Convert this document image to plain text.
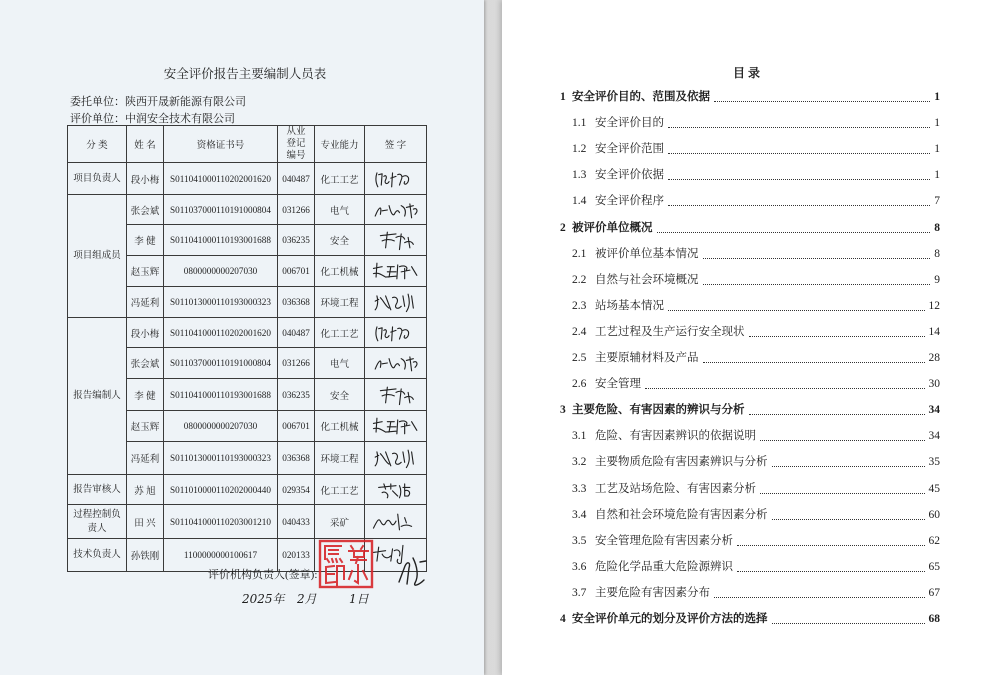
安全评价报告主要编制人员表
委托单位：陕西开晟新能源有限公司
评价单位：中润安全技术有限公司
分 类	姓 名	资格证书号	从业登记编号	专业能力	签 字

项目负责人	段小梅	S011041000110202001620	040487	化工工艺	

项目组成员	张会斌	S011037000110191000804	031266	电气	

	李 健	S011041000110193001688	036235	安全	

	赵玉辉	0800000000207030	006701	化工机械	

	冯延利	S011013000110193000323	036368	环境工程	

报告编制人	段小梅	S011041000110202001620	040487	化工工艺	

	张会斌	S011037000110191000804	031266	电气	

	李 健	S011041000110193001688	036235	安全	

	赵玉辉	0800000000207030	006701	化工机械	

	冯延利	S011013000110193000323	036368	环境工程	

报告审核人	苏 旭	S011010000110202000440	029354	化工工艺	

过程控制负责人	田 兴	S011041000110203001210	040433	采矿	

技术负责人	孙铁刚	1100000000100617	020133		
评价机构负责人(签章):
2025年 2月	1日
目 录
1 安全评价目的、范围及依据	1
1.1 安全评价目的	1
1.2 安全评价范围	1
1.3 安全评价依据	1
1.4 安全评价程序	7
2 被评价单位概况	8
2.1 被评价单位基本情况	8
2.2 自然与社会环境概况	9
2.3 站场基本情况	12
2.4 工艺过程及生产运行安全现状	14
2.5 主要原辅材料及产品	28
2.6 安全管理	30
3 主要危险、有害因素的辨识与分析	34
3.1 危险、有害因素辨识的依据说明	34
3.2 主要物质危险有害因素辨识与分析	35
3.3 工艺及站场危险、有害因素分析	45
3.4 自然和社会环境危险有害因素分析	60
3.5 安全管理危险有害因素分析	62
3.6 危险化学品重大危险源辨识	65
3.7 主要危险有害因素分布	67
4 安全评价单元的划分及评价方法的选择	68
